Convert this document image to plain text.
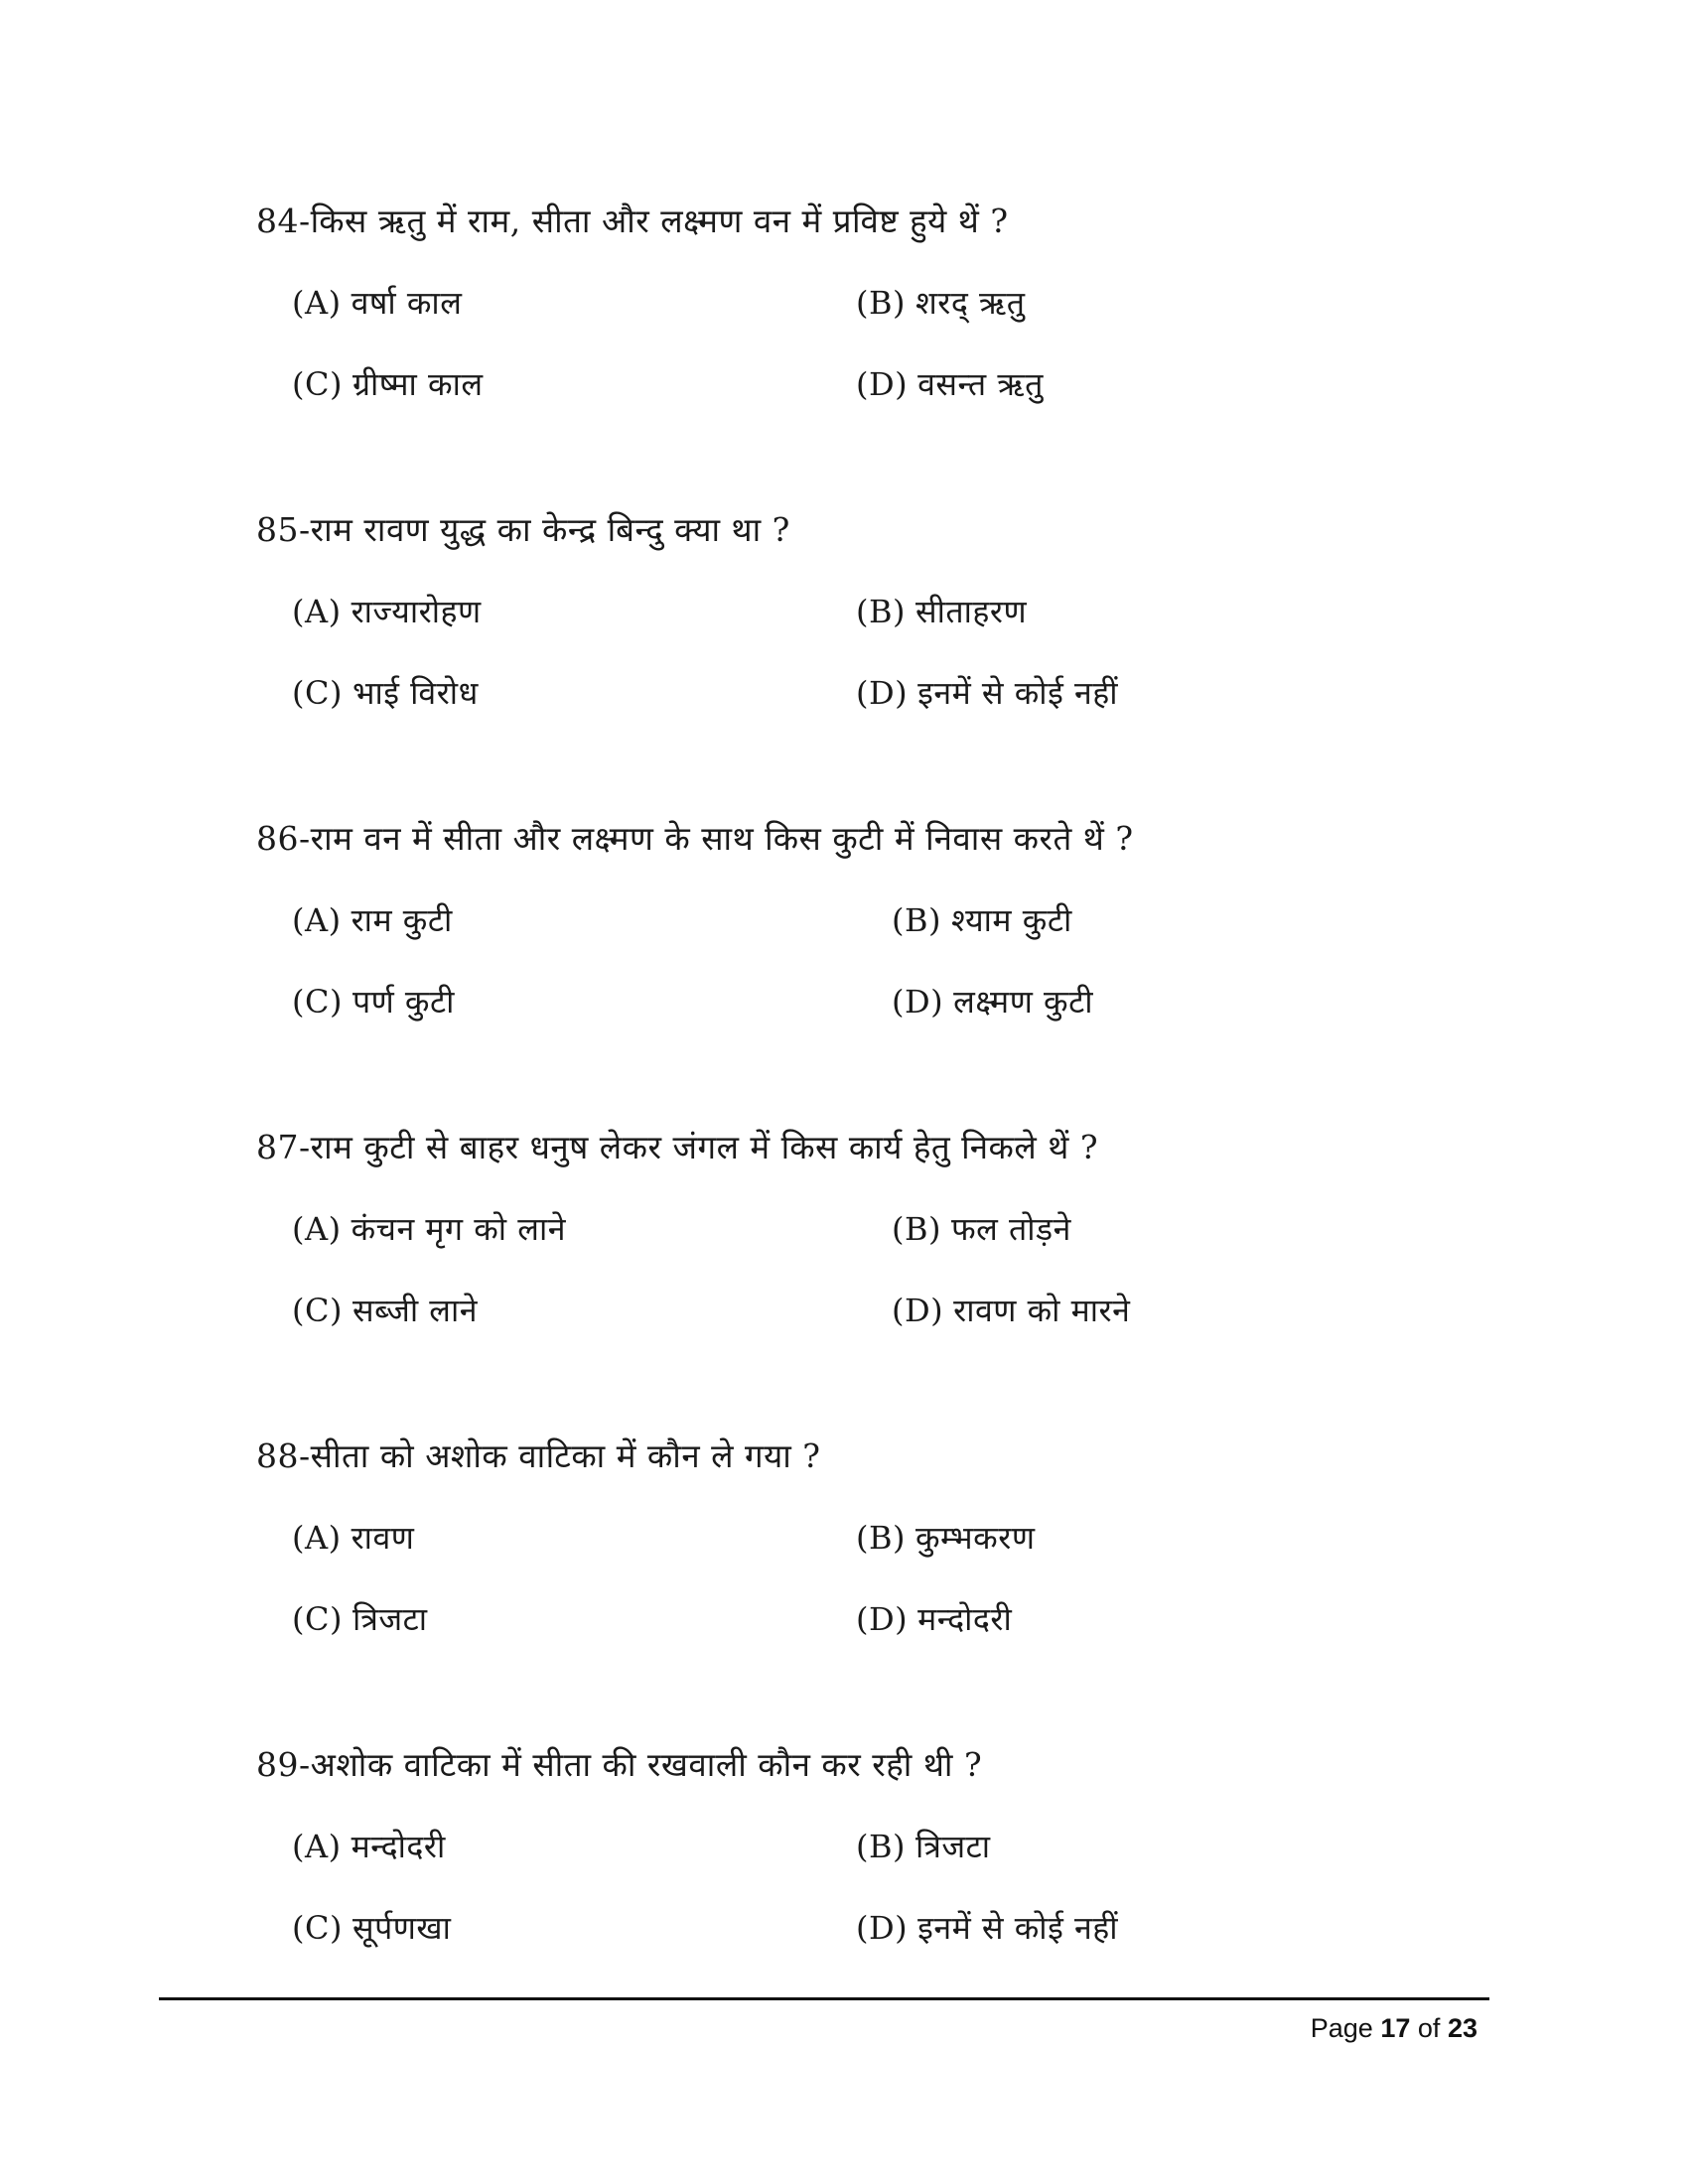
84-किस ऋतु में राम, सीता और लक्ष्मण वन में प्रविष्ट हुये थें ?
(A) वर्षा काल	(B) शरद् ऋतु
(C) ग्रीष्मा काल	(D) वसन्त ऋतु
85-राम रावण युद्ध का केन्द्र बिन्दु क्या था ?
(A) राज्यारोहण	(B) सीताहरण
(C) भाई विरोध	(D) इनमें से कोई नहीं
86-राम वन में सीता और लक्ष्मण के साथ किस कुटी में निवास करते थें ?
(A) राम कुटी	(B) श्याम कुटी
(C) पर्ण कुटी	(D) लक्ष्मण कुटी
87-राम कुटी से बाहर धनुष लेकर जंगल में किस कार्य हेतु निकले थें ?
(A) कंचन मृग को लाने	(B) फल तोड़ने
(C) सब्जी लाने	(D) रावण को मारने
88-सीता को अशोक वाटिका में कौन ले गया ?
(A) रावण	(B) कुम्भकरण
(C) त्रिजटा	(D) मन्दोदरी
89-अशोक वाटिका में सीता की रखवाली कौन कर रही थी ?
(A) मन्दोदरी	(B) त्रिजटा
(C) सूर्पणखा	(D) इनमें से कोई नहीं
Page 17 of 23
